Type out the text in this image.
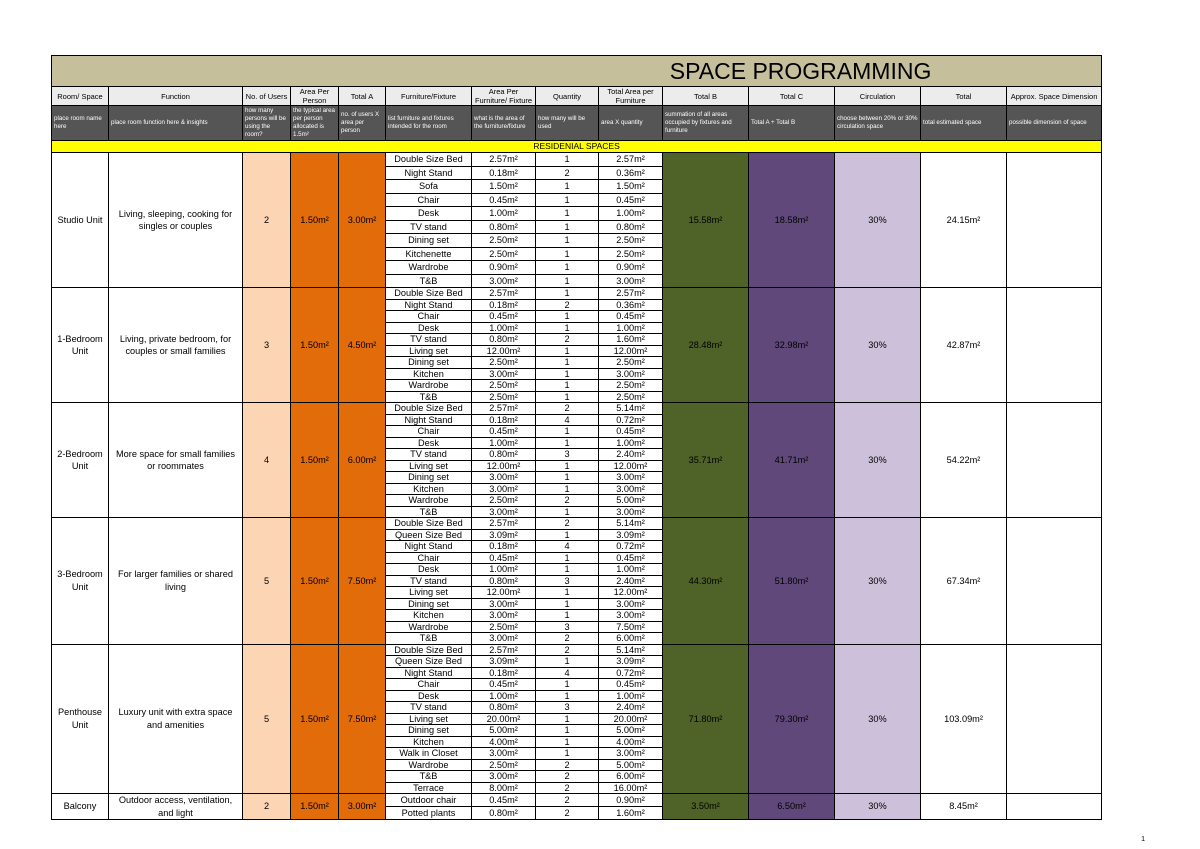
SPACE PROGRAMMING													
Room/ Space	Function	No. of Users	Area Per Person	Total A	Furniture/Fixture	Area Per Furniture/ Fixture	Quantity	Total Area per Furniture	Total B	Total C	Circulation	Total	Approx. Space Dimension
place room name here	place room function here & insights	how many persons will be using the room?	the typical area per person allocated is 1.5m²	no. of users X area per person	list furniture and fixtures intended for the room	what is the area of the furniture/fixture	how many will be used	area X quantity	summation of all areas occupied by fixtures and furniture	Total A + Total B	choose between 20% or 30% circulation space	total estimated space	possible dimension of space
RESIDENIAL SPACES													
Studio Unit	Living, sleeping, cooking for singles or couples	2	1.50m²	3.00m²	Double Size Bed	2.57m²	1	2.57m²	15.58m²	18.58m²	30%	24.15m²	
					Night Stand	0.18m²	2	0.36m²					
					Sofa	1.50m²	1	1.50m²					
					Chair	0.45m²	1	0.45m²					
					Desk	1.00m²	1	1.00m²					
					TV stand	0.80m²	1	0.80m²					
					Dining set	2.50m²	1	2.50m²					
					Kitchenette	2.50m²	1	2.50m²					
					Wardrobe	0.90m²	1	0.90m²					
					T&B	3.00m²	1	3.00m²					
1-Bedroom Unit	Living, private bedroom, for couples or small families	3	1.50m²	4.50m²	Double Size Bed	2.57m²	1	2.57m²	28.48m²	32.98m²	30%	42.87m²	
					Night Stand	0.18m²	2	0.36m²					
					Chair	0.45m²	1	0.45m²					
					Desk	1.00m²	1	1.00m²					
					TV stand	0.80m²	2	1.60m²					
					Living set	12.00m²	1	12.00m²					
					Dining set	2.50m²	1	2.50m²					
					Kitchen	3.00m²	1	3.00m²					
					Wardrobe	2.50m²	1	2.50m²					
					T&B	2.50m²	1	2.50m²					
2-Bedroom Unit	More space for small families or roommates	4	1.50m²	6.00m²	Double Size Bed	2.57m²	2	5.14m²	35.71m²	41.71m²	30%	54.22m²	
					Night Stand	0.18m²	4	0.72m²					
					Chair	0.45m²	1	0.45m²					
					Desk	1.00m²	1	1.00m²					
					TV stand	0.80m²	3	2.40m²					
					Living set	12.00m²	1	12.00m²					
					Dining set	3.00m²	1	3.00m²					
					Kitchen	3.00m²	1	3.00m²					
					Wardrobe	2.50m²	2	5.00m²					
					T&B	3.00m²	1	3.00m²					
3-Bedroom Unit	For larger families or shared living	5	1.50m²	7.50m²	Double Size Bed	2.57m²	2	5.14m²	44.30m²	51.80m²	30%	67.34m²	
					Queen Size Bed	3.09m²	1	3.09m²					
					Night Stand	0.18m²	4	0.72m²					
					Chair	0.45m²	1	0.45m²					
					Desk	1.00m²	1	1.00m²					
					TV stand	0.80m²	3	2.40m²					
					Living set	12.00m²	1	12.00m²					
					Dining set	3.00m²	1	3.00m²					
					Kitchen	3.00m²	1	3.00m²					
					Wardrobe	2.50m²	3	7.50m²					
					T&B	3.00m²	2	6.00m²					
Penthouse Unit	Luxury unit with extra space and amenities	5	1.50m²	7.50m²	Double Size Bed	2.57m²	2	5.14m²	71.80m²	79.30m²	30%	103.09m²	
					Queen Size Bed	3.09m²	1	3.09m²					
					Night Stand	0.18m²	4	0.72m²					
					Chair	0.45m²	1	0.45m²					
					Desk	1.00m²	1	1.00m²					
					TV stand	0.80m²	3	2.40m²					
					Living set	20.00m²	1	20.00m²					
					Dining set	5.00m²	1	5.00m²					
					Kitchen	4.00m²	1	4.00m²					
					Walk in Closet	3.00m²	1	3.00m²					
					Wardrobe	2.50m²	2	5.00m²					
					T&B	3.00m²	2	6.00m²					
					Terrace	8.00m²	2	16.00m²					
Balcony	Outdoor access, ventilation, and light	2	1.50m²	3.00m²	Outdoor chair	0.45m²	2	0.90m²	3.50m²	6.50m²	30%	8.45m²	
					Potted plants	0.80m²	2	1.60m²					
1
